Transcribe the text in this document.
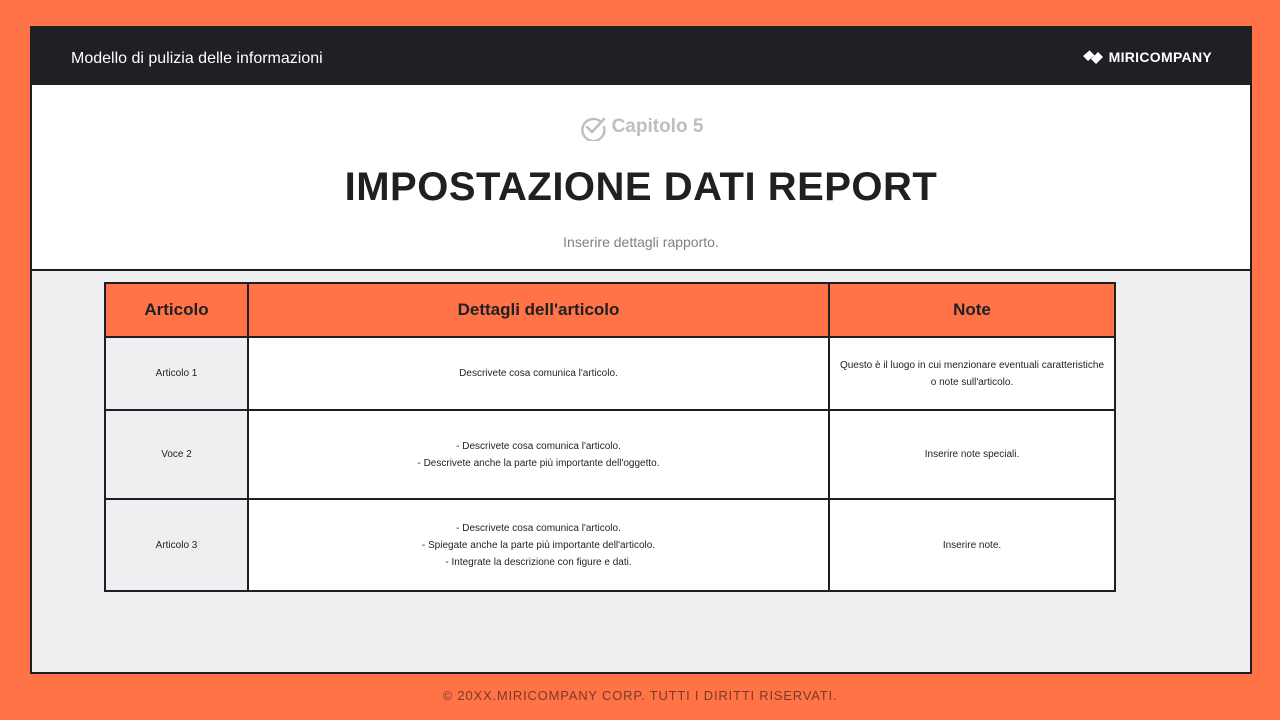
Modello di pulizia delle informazioni	MIRICOMPANY
Capitolo 5
IMPOSTAZIONE DATI REPORT
Inserire dettagli rapporto.
Articolo	Dettagli dell'articolo	Note
Articolo 1	Descrivete cosa comunica l'articolo.	Questo è il luogo in cui menzionare eventuali caratteristiche
o note sull'articolo.

Voce 2	- Descrivete cosa comunica l'articolo.
- Descrivete anche la parte più importante dell'oggetto.	Inserire note speciali.

Articolo 3	- Descrivete cosa comunica l'articolo.
- Spiegate anche la parte più importante dell'articolo.
- Integrate la descrizione con figure e dati.	Inserire note.
© 20XX.MIRICOMPANY CORP. TUTTI I DIRITTI RISERVATI.
